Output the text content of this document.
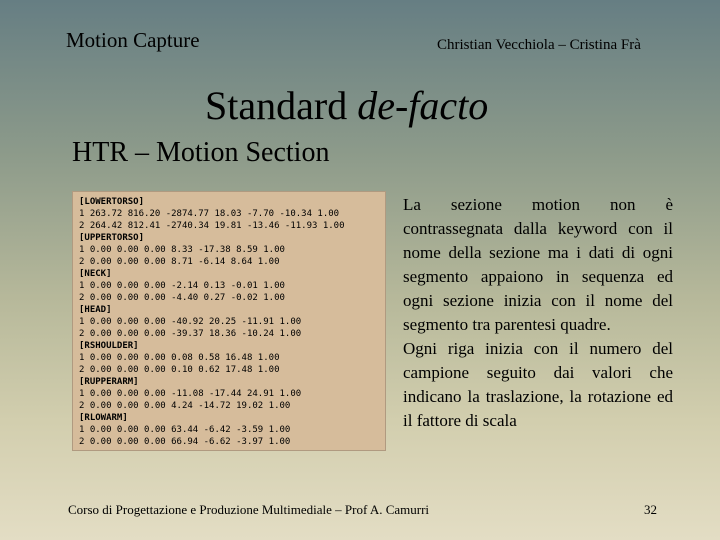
Motion Capture	Christian Vecchiola – Cristina Frà
Standard de-facto
HTR – Motion Section
[LOWERTORSO]
1 263.72 816.20 -2874.77 18.03 -7.70 -10.34 1.00
2 264.42 812.41 -2740.34 19.81 -13.46 -11.93 1.00
[UPPERTORSO]
1 0.00 0.00 0.00 8.33 -17.38 8.59 1.00
2 0.00 0.00 0.00 8.71 -6.14 8.64 1.00
[NECK]
1 0.00 0.00 0.00 -2.14 0.13 -0.01 1.00
2 0.00 0.00 0.00 -4.40 0.27 -0.02 1.00
[HEAD]
1 0.00 0.00 0.00 -40.92 20.25 -11.91 1.00
2 0.00 0.00 0.00 -39.37 18.36 -10.24 1.00
[RSHOULDER]
1 0.00 0.00 0.00 0.08 0.58 16.48 1.00
2 0.00 0.00 0.00 0.10 0.62 17.48 1.00
[RUPPERARM]
1 0.00 0.00 0.00 -11.08 -17.44 24.91 1.00
2 0.00 0.00 0.00 4.24 -14.72 19.02 1.00
[RLOWARM]
1 0.00 0.00 0.00 63.44 -6.42 -3.59 1.00
2 0.00 0.00 0.00 66.94 -6.62 -3.97 1.00

La sezione motion non è contrassegnata dalla keyword con il nome della sezione ma i dati di ogni segmento appaiono in sequenza ed ogni sezione inizia con il nome del segmento tra parentesi quadre.

Ogni riga inizia con il numero del campione seguito dai valori che indicano la traslazione, la rotazione ed il fattore di scala

Corso di Progettazione e Produzione Multimediale – Prof A. Camurri	32
